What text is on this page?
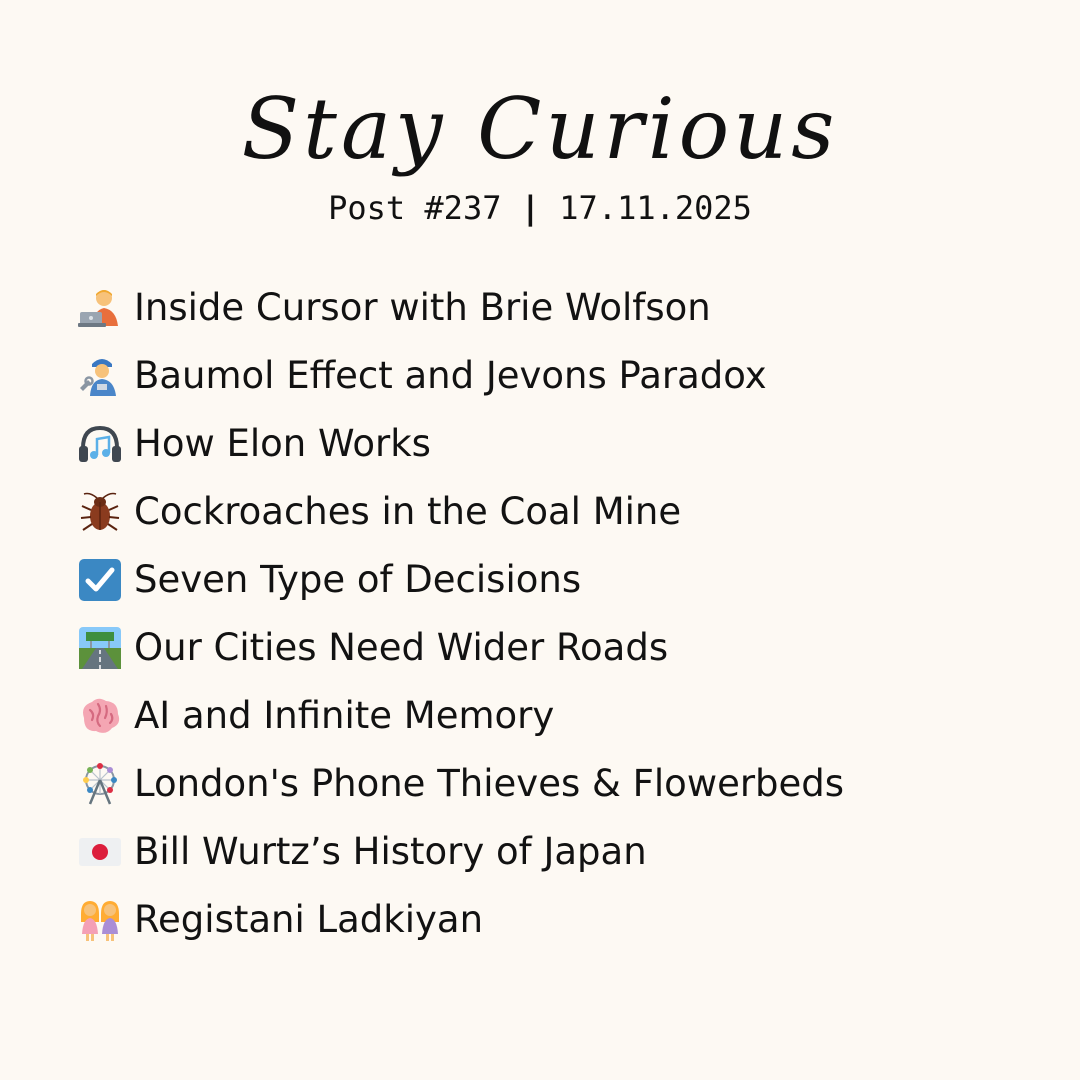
Stay Curious
Post #237 | 17.11.2025
Inside Cursor with Brie Wolfson
Baumol Effect and Jevons Paradox
How Elon Works
Cockroaches in the Coal Mine
Seven Type of Decisions
Our Cities Need Wider Roads
AI and Infinite Memory
London's Phone Thieves & Flowerbeds
Bill Wurtz’s History of Japan
Registani Ladkiyan
